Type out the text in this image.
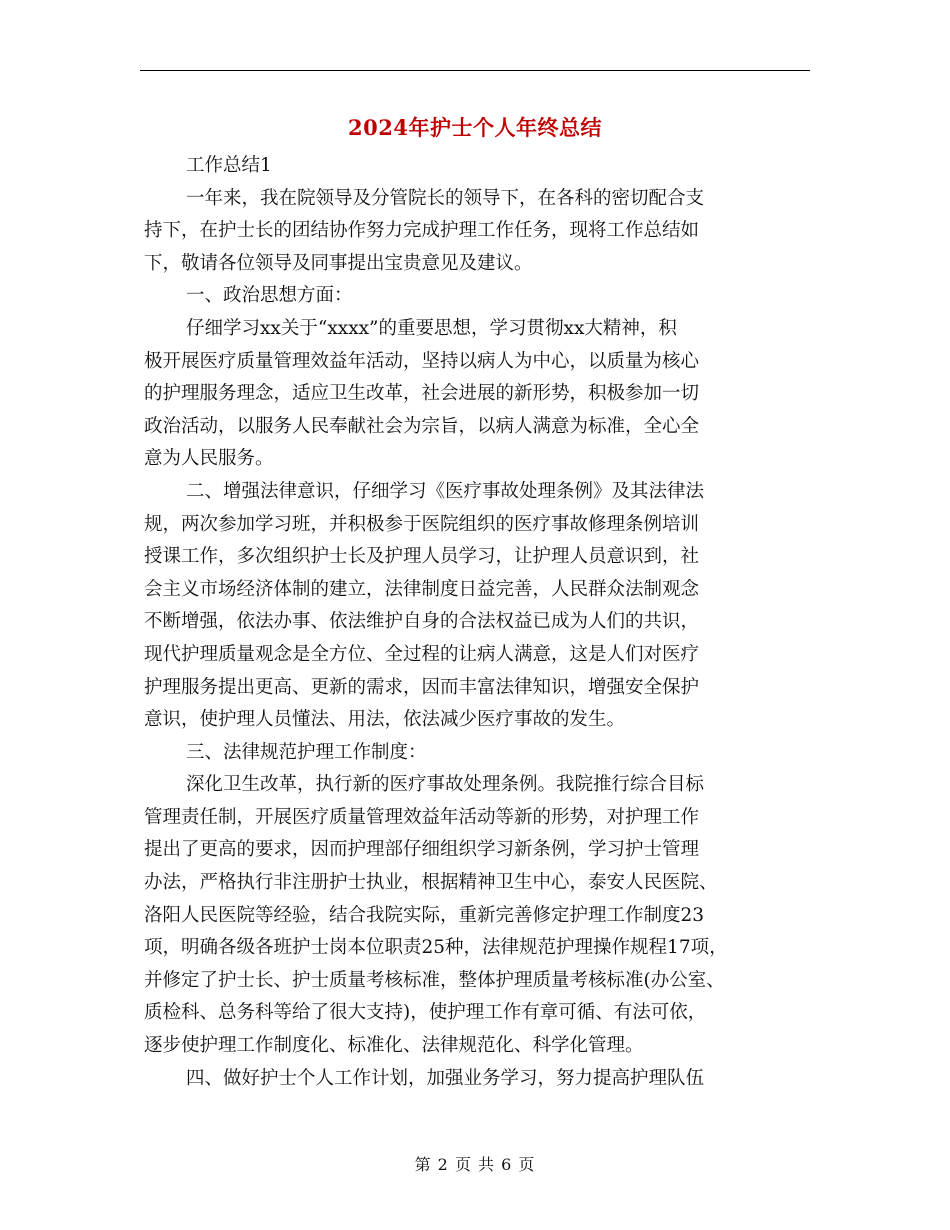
2024年护士个人年终总结
工作总结1
一年来，我在院领导及分管院长的领导下，在各科的密切配合支
持下，在护士长的团结协作努力完成护理工作任务，现将工作总结如
下，敬请各位领导及同事提出宝贵意见及建议。
一、政治思想方面：
仔细学习xx关于“xxxx”的重要思想，学习贯彻xx大精神，积
极开展医疗质量管理效益年活动，坚持以病人为中心，以质量为核心
的护理服务理念，适应卫生改革，社会进展的新形势，积极参加一切
政治活动，以服务人民奉献社会为宗旨，以病人满意为标准，全心全
意为人民服务。
二、增强法律意识，仔细学习《医疗事故处理条例》及其法律法
规，两次参加学习班，并积极参于医院组织的医疗事故修理条例培训
授课工作，多次组织护士长及护理人员学习，让护理人员意识到，社
会主义市场经济体制的建立，法律制度日益完善，人民群众法制观念
不断增强，依法办事、依法维护自身的合法权益已成为人们的共识，
现代护理质量观念是全方位、全过程的让病人满意，这是人们对医疗
护理服务提出更高、更新的需求，因而丰富法律知识，增强安全保护
意识，使护理人员懂法、用法，依法减少医疗事故的发生。
三、法律规范护理工作制度：
深化卫生改革，执行新的医疗事故处理条例。我院推行综合目标
管理责任制，开展医疗质量管理效益年活动等新的形势，对护理工作
提出了更高的要求，因而护理部仔细组织学习新条例，学习护士管理
办法，严格执行非注册护士执业，根据精神卫生中心，泰安人民医院、
洛阳人民医院等经验，结合我院实际，重新完善修定护理工作制度23
项，明确各级各班护士岗本位职责25种，法律规范护理操作规程17项，
并修定了护士长、护士质量考核标准，整体护理质量考核标准(办公室、
质检科、总务科等给了很大支持)，使护理工作有章可循、有法可依，
逐步使护理工作制度化、标准化、法律规范化、科学化管理。
四、做好护士个人工作计划，加强业务学习，努力提高护理队伍
第 2 页 共 6 页
